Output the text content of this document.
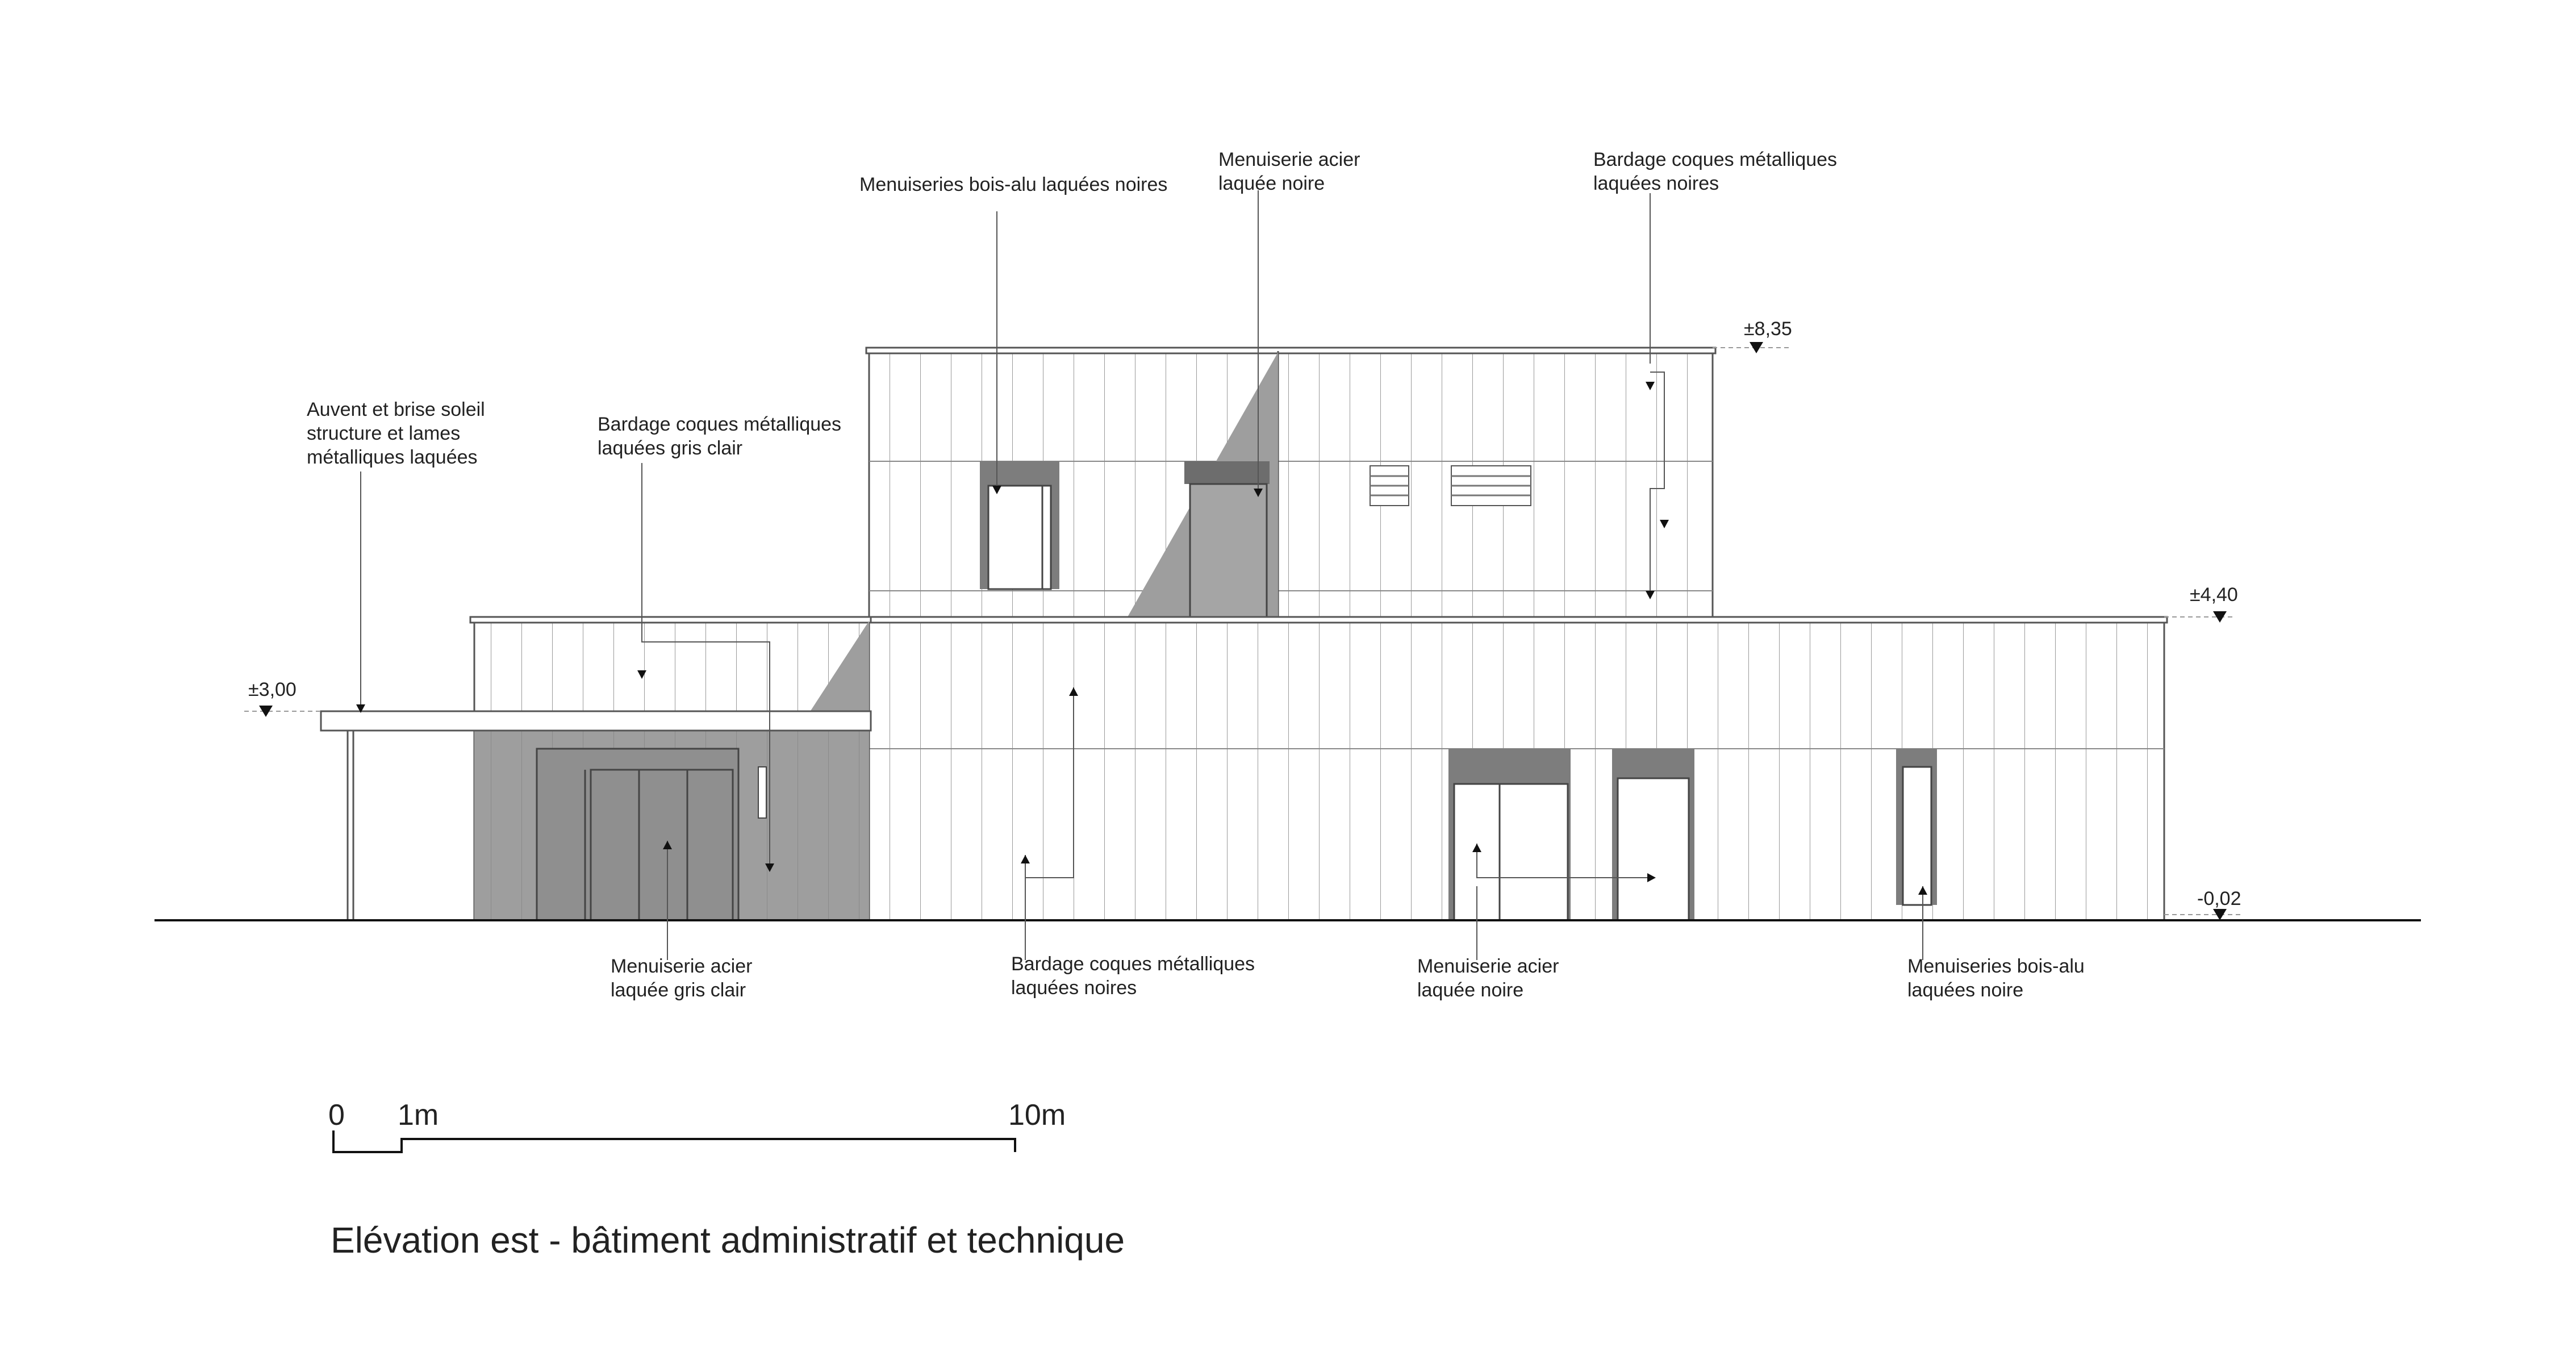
±8,35
±4,40
±3,00
-0,02
Menuiseries bois-alu laquées noires
Menuiserie acier
laquée noire
Bardage coques métalliques
laquées noires
Auvent et brise soleil
structure et lames
métalliques laquées
Bardage coques métalliques
laquées gris clair
Menuiserie acier
laquée gris clair
Bardage coques métalliques
laquées noires
Menuiserie acier
laquée noire
Menuiseries bois-alu
laquées noire
0 1m	10m
Elévation est - bâtiment administratif et technique
